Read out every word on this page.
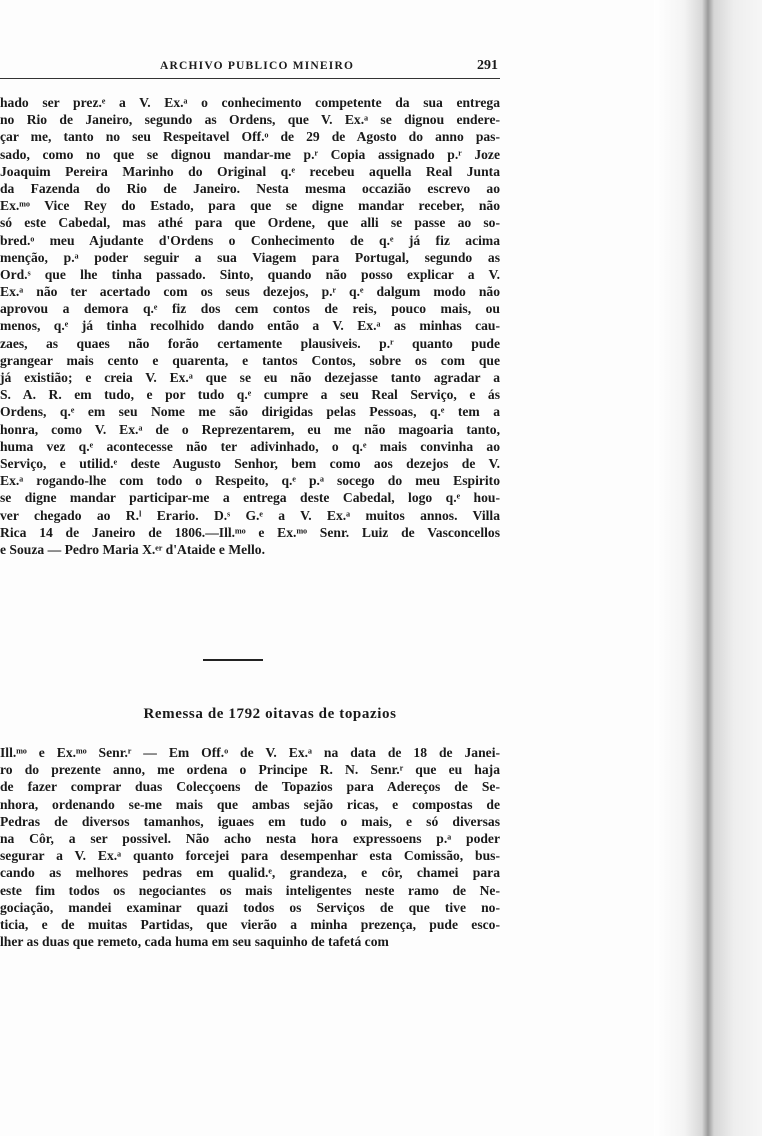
ARCHIVO PUBLICO MINEIRO	291
hado ser prez.ᵉ a V. Ex.ᵃ o conhecimento competente da sua entrega
no Rio de Janeiro, segundo as Ordens, que V. Ex.ᵃ se dignou endere-
çar me, tanto no seu Respeitavel Off.ᵒ de 29 de Agosto do anno pas-
sado, como no que se dignou mandar-me p.ʳ Copia assignado p.ʳ Joze
Joaquim Pereira Marinho do Original q.ᵉ recebeu aquella Real Junta
da Fazenda do Rio de Janeiro. Nesta mesma occazião escrevo ao
Ex.ᵐᵒ Vice Rey do Estado, para que se digne mandar receber, não
só este Cabedal, mas athé para que Ordene, que alli se passe ao so-
bred.ᵒ meu Ajudante d'Ordens o Conhecimento de q.ᵉ já fiz acima
menção, p.ᵃ poder seguir a sua Viagem para Portugal, segundo as
Ord.ˢ que lhe tinha passado. Sinto, quando não posso explicar a V.
Ex.ᵃ não ter acertado com os seus dezejos, p.ʳ q.ᵉ dalgum modo não
aprovou a demora q.ᵉ fiz dos cem contos de reis, pouco mais, ou
menos, q.ᵉ já tinha recolhido dando então a V. Ex.ᵃ as minhas cau-
zaes, as quaes não forão certamente plausiveis. p.ʳ quanto pude
grangear mais cento e quarenta, e tantos Contos, sobre os com que
já existião; e creia V. Ex.ᵃ que se eu não dezejasse tanto agradar a
S. A. R. em tudo, e por tudo q.ᵉ cumpre a seu Real Serviço, e ás
Ordens, q.ᵉ em seu Nome me são dirigidas pelas Pessoas, q.ᵉ tem a
honra, como V. Ex.ᵃ de o Reprezentarem, eu me não magoaria tanto,
huma vez q.ᵉ acontecesse não ter adivinhado, o q.ᵉ mais convinha ao
Serviço, e utilid.ᵉ deste Augusto Senhor, bem como aos dezejos de V.
Ex.ᵃ rogando-lhe com todo o Respeito, q.ᵉ p.ᵃ socego do meu Espirito
se digne mandar participar-me a entrega deste Cabedal, logo q.ᵉ hou-
ver chegado ao R.ˡ Erario. D.ˢ G.ᵉ a V. Ex.ᵃ muitos annos. Villa
Rica 14 de Janeiro de 1806.—Ill.ᵐᵒ e Ex.ᵐᵒ Senr. Luiz de Vasconcellos
e Souza — Pedro Maria X.ᵉʳ d'Ataide e Mello.
Remessa de 1792 oitavas de topazios
Ill.ᵐᵒ e Ex.ᵐᵒ Senr.ʳ — Em Off.ᵒ de V. Ex.ᵃ na data de 18 de Janei-
ro do prezente anno, me ordena o Principe R. N. Senr.ʳ que eu haja
de fazer comprar duas Colecçoens de Topazios para Adereços de Se-
nhora, ordenando se-me mais que ambas sejão ricas, e compostas de
Pedras de diversos tamanhos, iguaes em tudo o mais, e só diversas
na Côr, a ser possivel. Não acho nesta hora expressoens p.ᵃ poder
segurar a V. Ex.ᵃ quanto forcejei para desempenhar esta Comissão, bus-
cando as melhores pedras em qualid.ᵉ, grandeza, e côr, chamei para
este fim todos os negociantes os mais inteligentes neste ramo de Ne-
gociação, mandei examinar quazi todos os Serviços de que tive no-
ticia, e de muitas Partidas, que vierão a minha prezença, pude esco-
lher as duas que remeto, cada huma em seu saquinho de tafetá com
